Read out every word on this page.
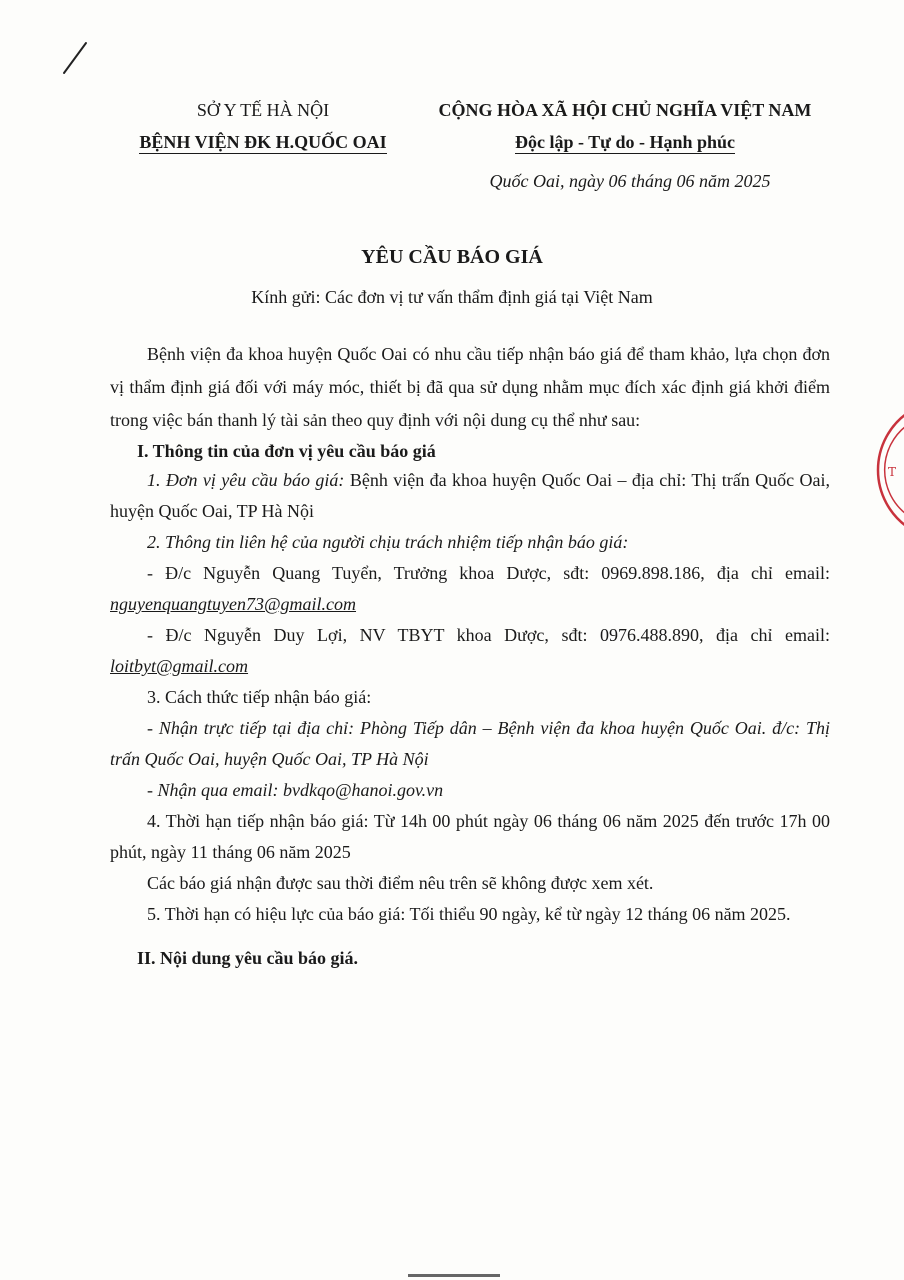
SỞ Y TẾ HÀ NỘI
BỆNH VIỆN ĐK H.QUỐC OAI
CỘNG HÒA XÃ HỘI CHỦ NGHĨA VIỆT NAM
Độc lập - Tự do - Hạnh phúc
Quốc Oai, ngày 06 tháng 06 năm 2025
YÊU CẦU BÁO GIÁ
Kính gửi: Các đơn vị tư vấn thẩm định giá tại Việt Nam

Bệnh viện đa khoa huyện Quốc Oai có nhu cầu tiếp nhận báo giá để tham khảo, lựa chọn đơn vị thẩm định giá đối với máy móc, thiết bị đã qua sử dụng nhằm mục đích xác định giá khởi điểm trong việc bán thanh lý tài sản theo quy định với nội dung cụ thể như sau:

I. Thông tin của đơn vị yêu cầu báo giá

1. Đơn vị yêu cầu báo giá: Bệnh viện đa khoa huyện Quốc Oai – địa chỉ: Thị trấn Quốc Oai, huyện Quốc Oai, TP Hà Nội

2. Thông tin liên hệ của người chịu trách nhiệm tiếp nhận báo giá:

- Đ/c Nguyễn Quang Tuyển, Trưởng khoa Dược, sđt: 0969.898.186, địa chỉ email: nguyenquangtuyen73@gmail.com

- Đ/c Nguyễn Duy Lợi, NV TBYT khoa Dược, sđt: 0976.488.890, địa chỉ email: loitbyt@gmail.com

3. Cách thức tiếp nhận báo giá:

- Nhận trực tiếp tại địa chỉ: Phòng Tiếp dân – Bệnh viện đa khoa huyện Quốc Oai. đ/c: Thị trấn Quốc Oai, huyện Quốc Oai, TP Hà Nội

- Nhận qua email: bvdkqo@hanoi.gov.vn

4. Thời hạn tiếp nhận báo giá: Từ 14h 00 phút ngày 06 tháng 06 năm 2025 đến trước 17h 00 phút, ngày 11 tháng 06 năm 2025

Các báo giá nhận được sau thời điểm nêu trên sẽ không được xem xét.

5. Thời hạn có hiệu lực của báo giá: Tối thiểu 90 ngày, kể từ ngày 12 tháng 06 năm 2025.

II. Nội dung yêu cầu báo giá.

T
